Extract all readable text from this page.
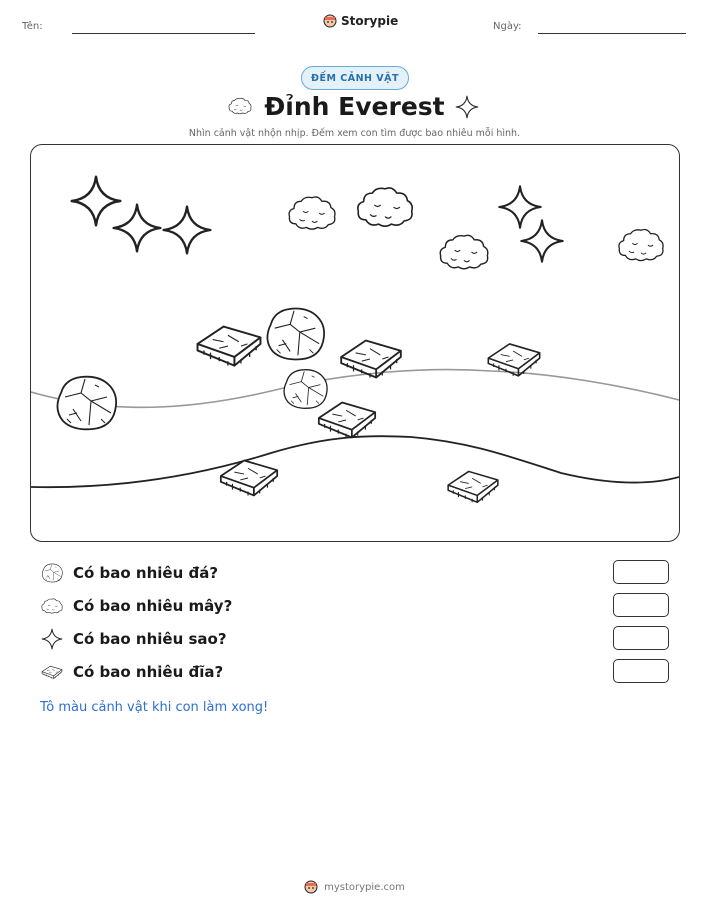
Tên:	Storypie	Ngày:
ĐẾM CẢNH VẬT
Đỉnh Everest
Nhìn cảnh vật nhộn nhịp. Đếm xem con tìm được bao nhiêu mỗi hình.
Có bao nhiêu đá?
Có bao nhiêu mây?
Có bao nhiêu sao?
Có bao nhiêu đĩa?
Tô màu cảnh vật khi con làm xong!
mystorypie.com
